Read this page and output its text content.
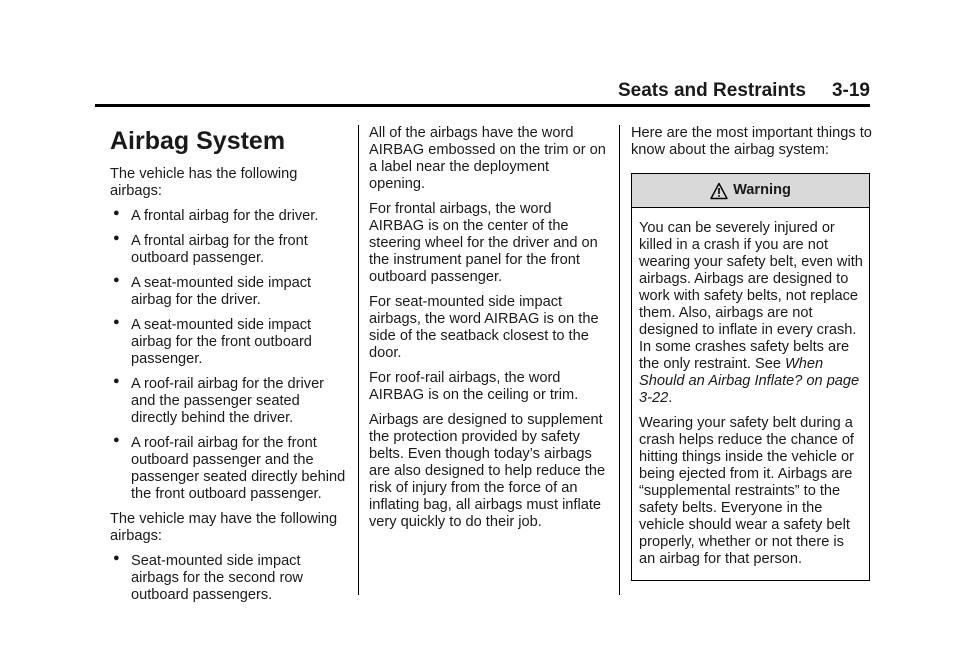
Seats and Restraints 3-19
Airbag System

The vehicle has the following airbags:

● A frontal airbag for the driver.
● A frontal airbag for the front outboard passenger.
● A seat-mounted side impact airbag for the driver.
● A seat-mounted side impact airbag for the front outboard passenger.
● A roof-rail airbag for the driver and the passenger seated directly behind the driver.
● A roof-rail airbag for the front outboard passenger and the passenger seated directly behind the front outboard passenger.

The vehicle may have the following airbags:

● Seat-mounted side impact airbags for the second row outboard passengers.

All of the airbags have the word AIRBAG embossed on the trim or on a label near the deployment opening.

For frontal airbags, the word AIRBAG is on the center of the steering wheel for the driver and on the instrument panel for the front outboard passenger.

For seat-mounted side impact airbags, the word AIRBAG is on the side of the seatback closest to the door.

For roof-rail airbags, the word AIRBAG is on the ceiling or trim.

Airbags are designed to supplement the protection provided by safety belts. Even though today’s airbags are also designed to help reduce the risk of injury from the force of an inflating bag, all airbags must inflate very quickly to do their job.

Here are the most important things to know about the airbag system:

Warning

You can be severely injured or killed in a crash if you are not wearing your safety belt, even with airbags. Airbags are designed to work with safety belts, not replace them. Also, airbags are not designed to inflate in every crash. In some crashes safety belts are the only restraint. See When Should an Airbag Inflate? on page 3-22.

Wearing your safety belt during a crash helps reduce the chance of hitting things inside the vehicle or being ejected from it. Airbags are “supplemental restraints” to the safety belts. Everyone in the vehicle should wear a safety belt properly, whether or not there is an airbag for that person.
